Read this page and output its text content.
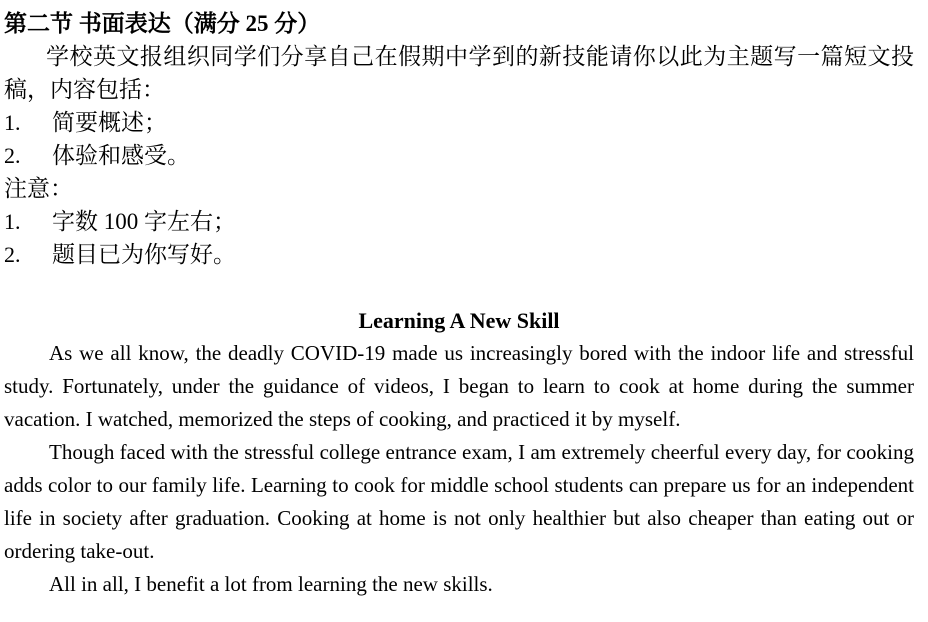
第二节 书面表达（满分 25 分）

学校英文报组织同学们分享自己在假期中学到的新技能请你以此为主题写一篇短文投稿，内容包括：

1.	简要概述；
2.	体验和感受。

注意：

1.	字数 100 字左右；
2.	题目已为你写好。
Learning A New Skill

As we all know, the deadly COVID-19 made us increasingly bored with the indoor life and stressful study. Fortunately, under the guidance of videos, I began to learn to cook at home during the summer vacation. I watched, memorized the steps of cooking, and practiced it by myself.

Though faced with the stressful college entrance exam, I am extremely cheerful every day, for cooking adds color to our family life. Learning to cook for middle school students can prepare us for an independent life in society after graduation. Cooking at home is not only healthier but also cheaper than eating out or ordering take-out.

All in all, I benefit a lot from learning the new skills.
